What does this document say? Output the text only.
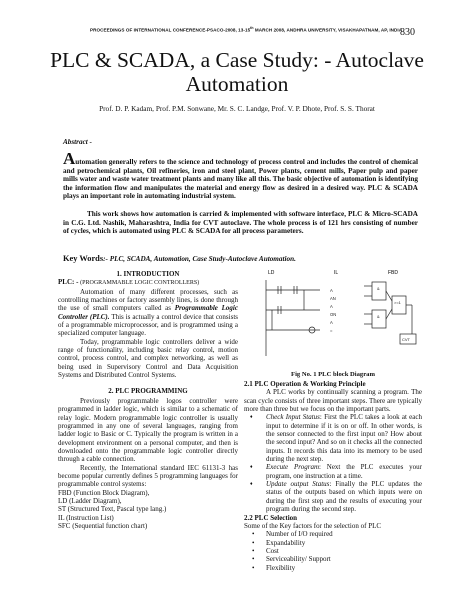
PROCEEDINGS OF INTERNATIONAL CONFERENCE-PSACO-2008, 13-15th MARCH 2008, ANDHRA UNIVERSITY, VISAKHAPATNAM, AP, INDIA
830
PLC & SCADA, a Case Study: - Autoclave
Automation
Prof. D. P. Kadam, Prof. P.M. Sonwane, Mr. S. C. Landge, Prof. V. P. Dhote, Prof. S. S. Thorat
Abstract -
Automation generally refers to the science and technology of process control and includes the control of chemical and petrochemical plants, Oil refineries, iron and steel plant, Power plants, cement mills, Paper pulp and paper mills water and waste water treatment plants and many like all this. The basic objective of automation is identifying the information flow and manipulates the material and energy flow as desired in a desired way. PLC & SCADA plays an important role in automating industrial system.
This work shows how automation is carried & implemented with software interface, PLC & Micro-SCADA in C.G. Ltd. Nashik, Maharashtra, India for CVT autoclave. The whole process is of 121 hrs consisting of number of cycles, which is automated using PLC & SCADA for all process parameters.
Key Words:- PLC, SCADA, Automation, Case Study-Autoclave Automation.

1. INTRODUCTION

PLC: - (PROGRAMMABLE LOGIC CONTROLLERS)

Automation of many different processes, such as controlling machines or factory assembly lines, is done through the use of small computers called as Programmable Logic Controller (PLC). This is actually a control device that consists of a programmable microprocessor, and is programmed using a specialized computer language.

Today, programmable logic controllers deliver a wide range of functionality, including basic relay control, motion control, process control, and complex networking, as well as being used in Supervisory Control and Data Acquisition Systems and Distributed Control Systems.

2. PLC PROGRAMMING

Previously programmable logos controller were programmed in ladder logic, which is similar to a schematic of relay logic. Modern programmable logic controller is usually programmed in any one of several languages, ranging from ladder logic to Basic or C. Typically the program is written in a development environment on a personal computer, and then is downloaded onto the programmable logic controller directly through a cable connection.

Recently, the International standard IEC 61131-3 has become popular currently defines 5 programming languages for programmable control systems:

FBD (Function Block Diagram),

LD (Ladder Diagram),

ST (Structured Text, Pascal type lang.)

IL (Instruction List)

SFC (Sequential function chart)

LD	IL	FBD
A
AN
A
ON
A
=
&
>=1
&
CVT
Fig No. 1 PLC block Diagram

2.1 PLC Operation & Working Principle

A PLC works by continually scanning a program. The scan cycle consists of three important steps. There are typically more than three but we focus on the important parts.

♦ Check Input Status: First the PLC takes a look at each input to determine if it is on or off. In other words, is the sensor connected to the first input on? How about the second input? And so on it checks all the connected inputs. It records this data into its memory to be used during the next step.
♦ Execute Program: Next the PLC executes your program, one instruction at a time.
♦ Update output Status: Finally the PLC updates the status of the outputs based on which inputs were on during the first step and the results of executing your program during the second step.

2.2 PLC Selection

Some of the Key factors for the selection of PLC

• Number of I/O required
• Expandability
• Cost
• Serviceability/ Support
• Flexibility
